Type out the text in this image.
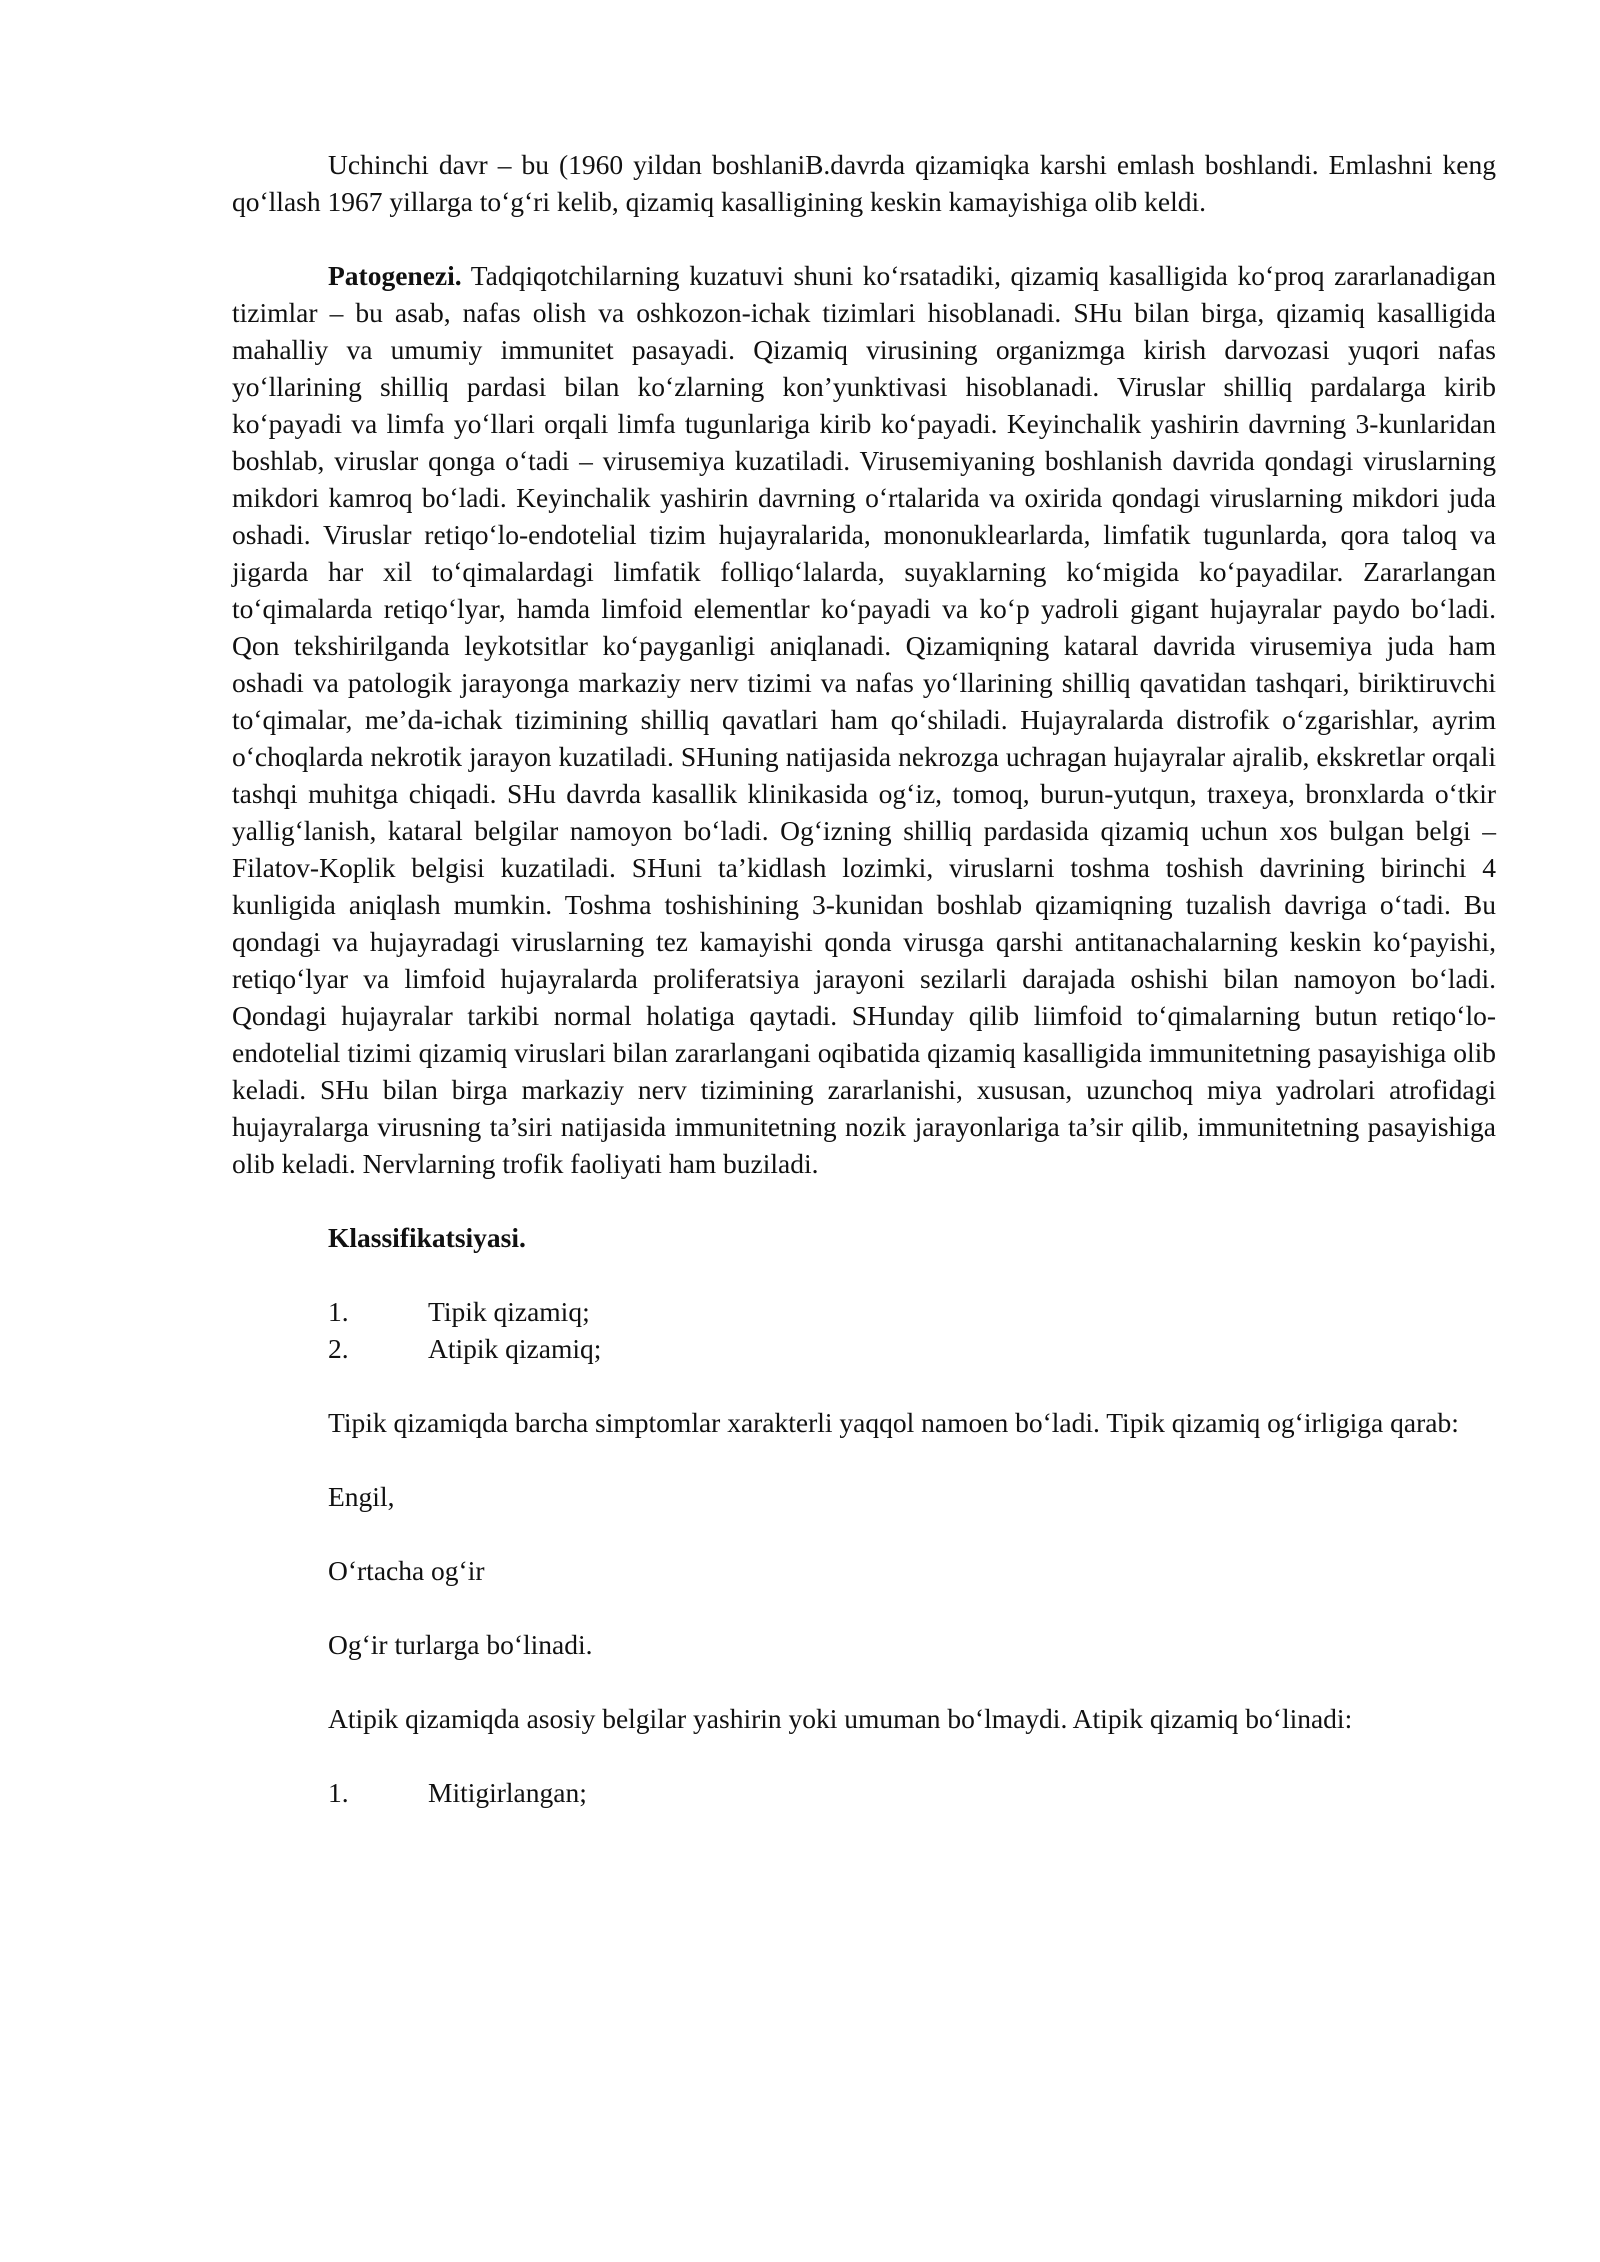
Uchinchi davr – bu (1960 yildan boshlaniB.davrda qizamiqka karshi emlash boshlandi. Emlashni keng qo‘llash 1967 yillarga to‘g‘ri kelib, qizamiq kasalligining keskin kamayishiga olib keldi.

Patogenezi. Tadqiqotchilarning kuzatuvi shuni ko‘rsatadiki, qizamiq kasalligida ko‘proq zararlanadigan tizimlar – bu asab, nafas olish va oshkozon-ichak tizimlari hisoblanadi. SHu bilan birga, qizamiq kasalligida mahalliy va umumiy immunitet pasayadi. Qizamiq virusining organizmga kirish darvozasi yuqori nafas yo‘llarining shilliq pardasi bilan ko‘zlarning kon’yunktivasi hisoblanadi. Viruslar shilliq pardalarga kirib ko‘payadi va limfa yo‘llari orqali limfa tugunlariga kirib ko‘payadi. Keyinchalik yashirin davrning 3-kunlaridan boshlab, viruslar qonga o‘tadi – virusemiya kuzatiladi. Virusemiyaning boshlanish davrida qondagi viruslarning mikdori kamroq bo‘ladi. Keyinchalik yashirin davrning o‘rtalarida va oxirida qondagi viruslarning mikdori juda oshadi. Viruslar retiqo‘lo-endotelial tizim hujayralarida, mononuklearlarda, limfatik tugunlarda, qora taloq va jigarda har xil to‘qimalardagi limfatik folliqo‘lalarda, suyaklarning ko‘migida ko‘payadilar. Zararlangan to‘qimalarda retiqo‘lyar, hamda limfoid elementlar ko‘payadi va ko‘p yadroli gigant hujayralar paydo bo‘ladi. Qon tekshirilganda leykotsitlar ko‘payganligi aniqlanadi. Qizamiqning kataral davrida virusemiya juda ham oshadi va patologik jarayonga markaziy nerv tizimi va nafas yo‘llarining shilliq qavatidan tashqari, biriktiruvchi to‘qimalar, me’da-ichak tizimining shilliq qavatlari ham qo‘shiladi. Hujayralarda distrofik o‘zgarishlar, ayrim o‘choqlarda nekrotik jarayon kuzatiladi. SHuning natijasida nekrozga uchragan hujayralar ajralib, ekskretlar orqali tashqi muhitga chiqadi. SHu davrda kasallik klinikasida og‘iz, tomoq, burun-yutqun, traxeya, bronxlarda o‘tkir yallig‘lanish, kataral belgilar namoyon bo‘ladi. Og‘izning shilliq pardasida qizamiq uchun xos bulgan belgi – Filatov-Koplik belgisi kuzatiladi. SHuni ta’kidlash lozimki, viruslarni toshma toshish davrining birinchi 4 kunligida aniqlash mumkin. Toshma toshishining 3-kunidan boshlab qizamiqning tuzalish davriga o‘tadi. Bu qondagi va hujayradagi viruslarning tez kamayishi qonda virusga qarshi antitanachalarning keskin ko‘payishi, retiqo‘lyar va limfoid hujayralarda proliferatsiya jarayoni sezilarli darajada oshishi bilan namoyon bo‘ladi. Qondagi hujayralar tarkibi normal holatiga qaytadi. SHunday qilib liimfoid to‘qimalarning butun retiqo‘lo-endotelial tizimi qizamiq viruslari bilan zararlangani oqibatida qizamiq kasalligida immunitetning pasayishiga olib keladi. SHu bilan birga markaziy nerv tizimining zararlanishi, xususan, uzunchoq miya yadrolari atrofidagi hujayralarga virusning ta’siri natijasida immunitetning nozik jarayonlariga ta’sir qilib, immunitetning pasayishiga olib keladi. Nervlarning trofik faoliyati ham buziladi.

Klassifikatsiyasi.

1.	Tipik qizamiq;
2.	Atipik qizamiq;

Tipik qizamiqda barcha simptomlar xarakterli yaqqol namoen bo‘ladi. Tipik qizamiq og‘irligiga qarab:

Engil,

O‘rtacha og‘ir

Og‘ir turlarga bo‘linadi.

Atipik qizamiqda asosiy belgilar yashirin yoki umuman bo‘lmaydi. Atipik qizamiq bo‘linadi:

1.	Mitigirlangan;
